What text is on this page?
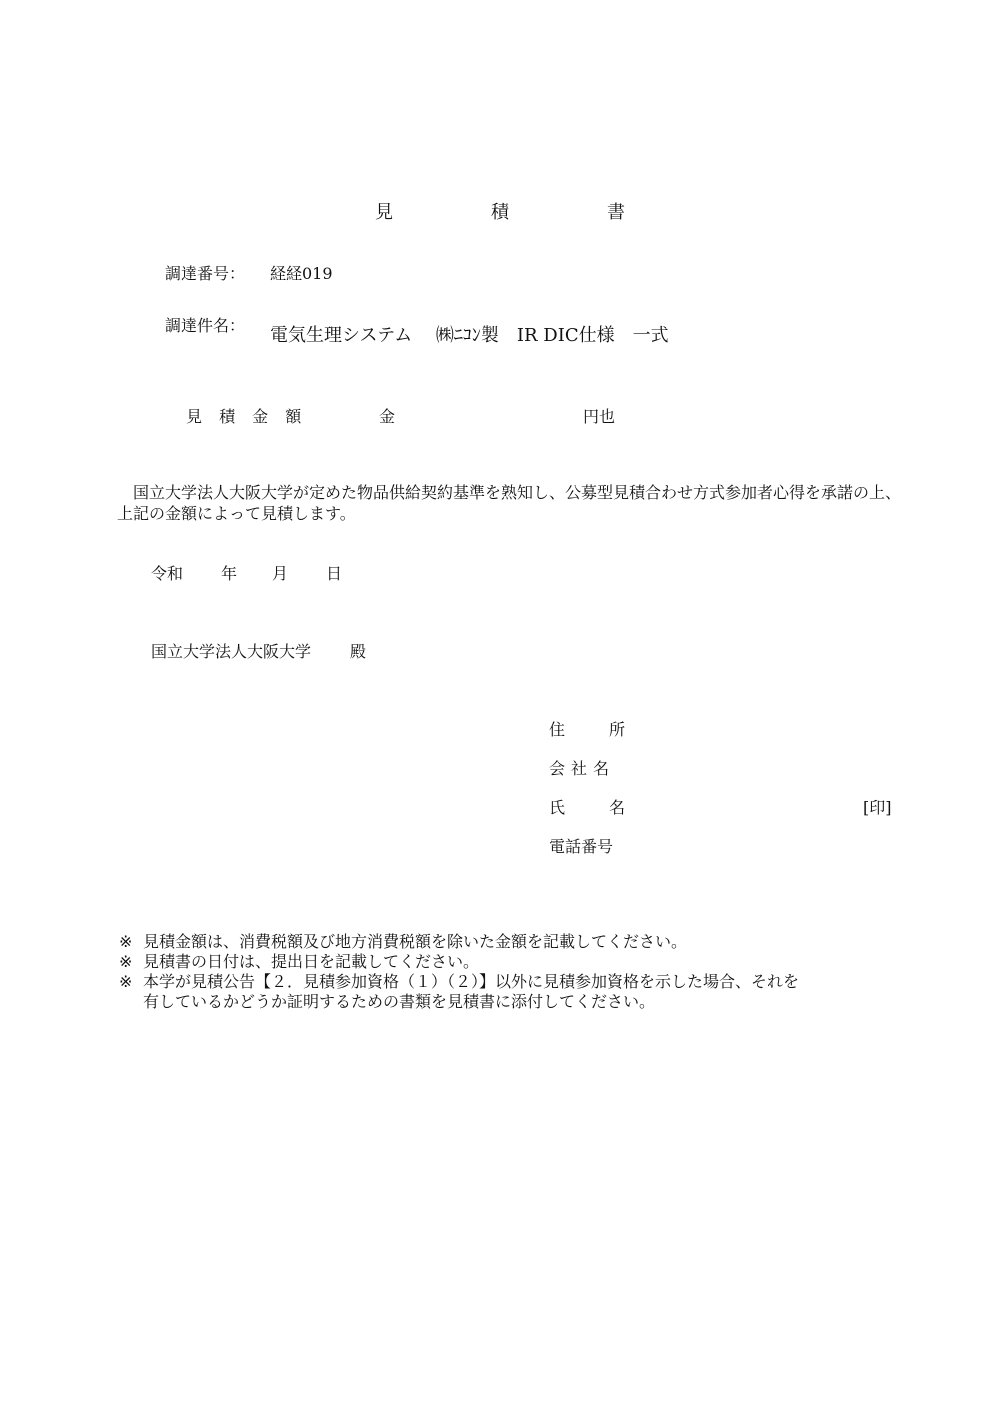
見　積　書
調達番号： 経経019
調達件名： 電気生理システム　 ㈱ﾆｺﾝ製　IR DIC仕様　一式
見 積 金 額	金	円也
国立大学法人大阪大学が定めた物品供給契約基準を熟知し、公募型見積合わせ方式参加者心得を承諾の上、上記の金額によって見積します。
令和 年 月 日
国立大学法人大阪大学 殿
住　所
会社名
氏　名	[印]
電話番号
※ 見積金額は、消費税額及び地方消費税額を除いた金額を記載してください。
※ 見積書の日付は、提出日を記載してください。
※ 本学が見積公告【２．見積参加資格（１）（２）】以外に見積参加資格を示した場合、それを
有しているかどうか証明するための書類を見積書に添付してください。
